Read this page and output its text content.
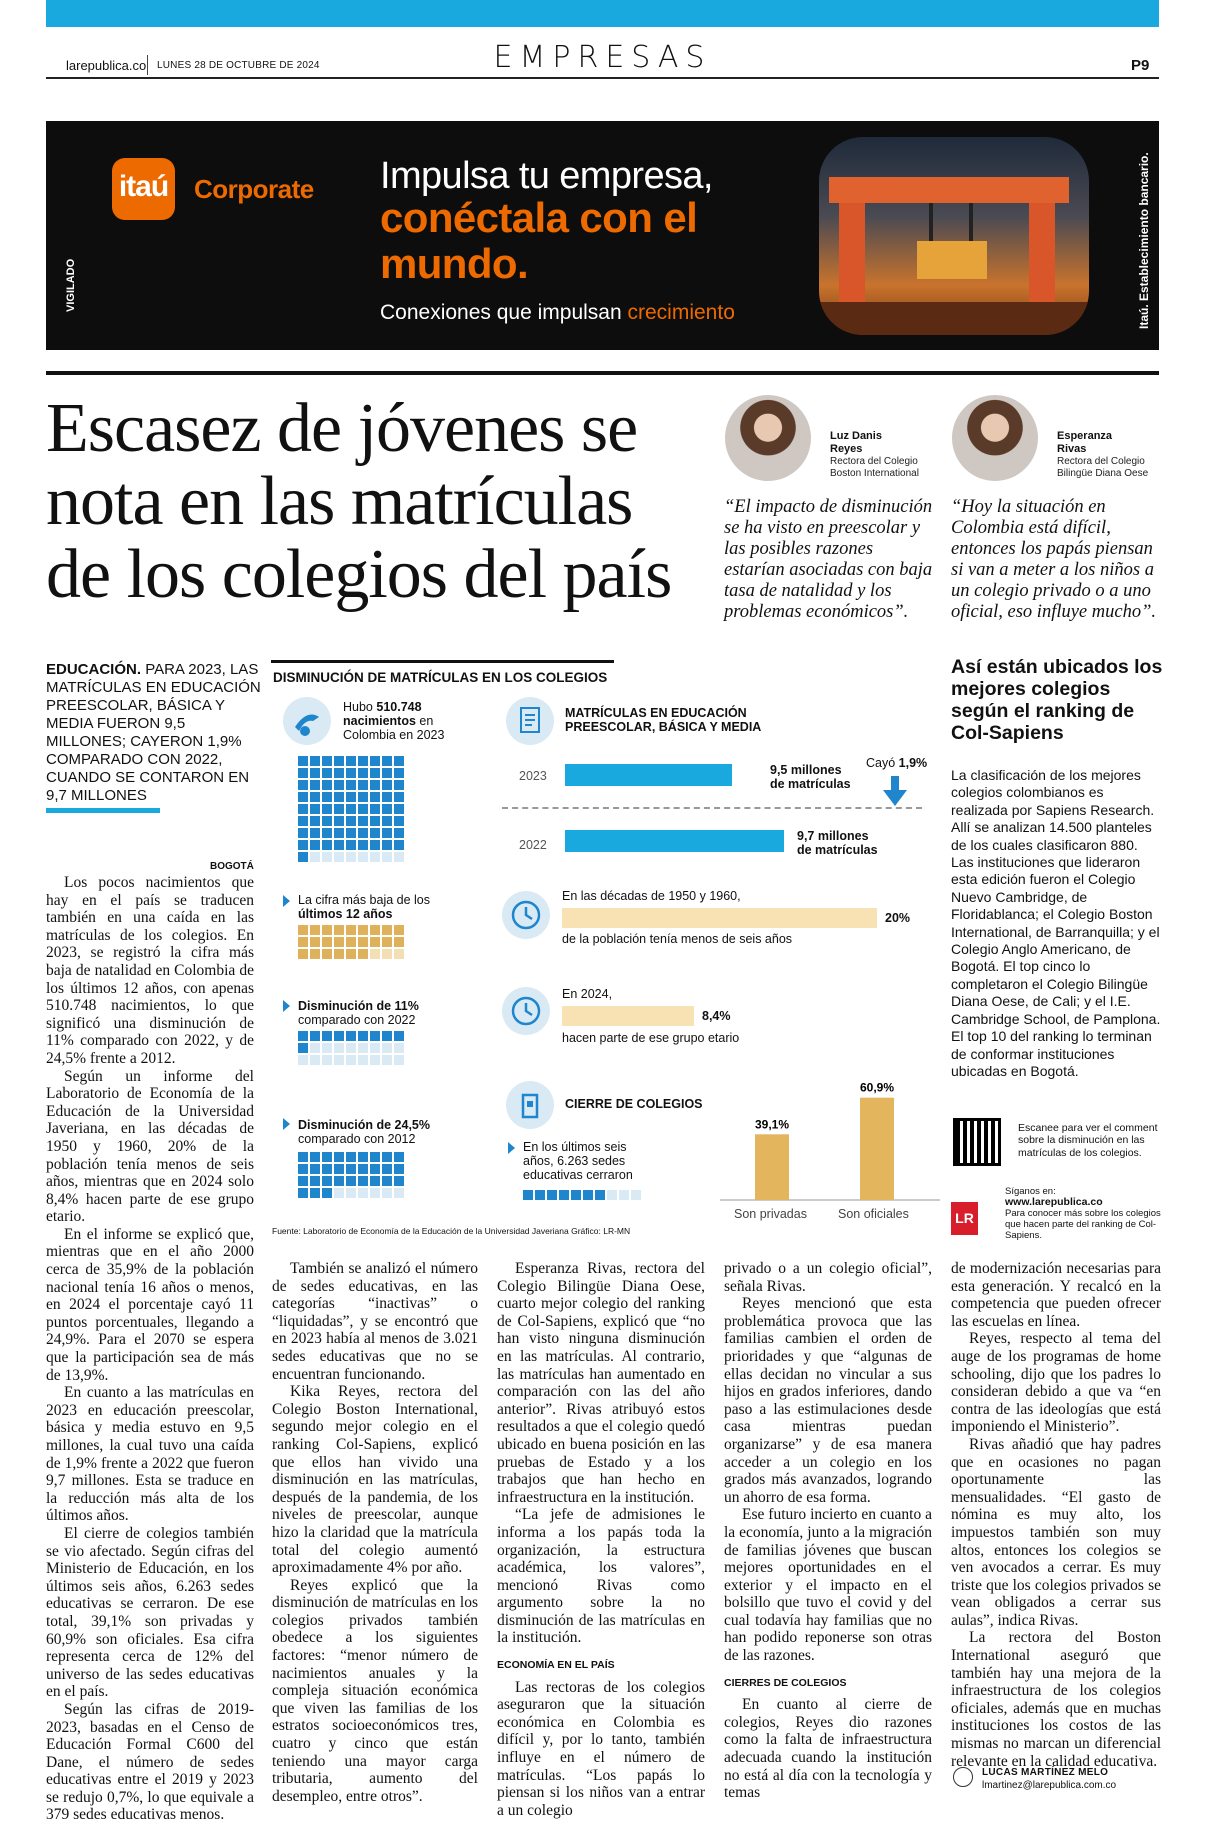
larepublica.co LUNES 28 DE OCTUBRE DE 2024	EMPRESAS	P9
VIGILADO
itaú Corporate Impulsa tu empresa,
conéctala con el mundo.
Conexiones que impulsan crecimiento	Itaú. Establecimiento bancario.
Escasez de jóvenes se nota en las matrículas de los colegios del país
Luz Danis
Reyes
Rectora del Colegio
Boston International
“El impacto de disminución se ha visto en preescolar y las posibles razones estarían asociadas con baja tasa de natalidad y los problemas económicos”.
Esperanza
Rivas
Rectora del Colegio
Bilingüe Diana Oese
“Hoy la situación en Colombia está difícil, entonces los papás piensan si van a meter a los niños a un colegio privado o a uno oficial, eso influye mucho”.
EDUCACIÓN. PARA 2023, LAS MATRÍCULAS EN EDUCACIÓN PREESCOLAR, BÁSICA Y MEDIA FUERON 9,5 MILLONES; CAYERON 1,9% COMPARADO CON 2022, CUANDO SE CONTARON EN 9,7 MILLONES
BOGOTÁ

Los pocos nacimientos que hay en el país se traducen también en una caída en las matrículas de los colegios. En 2023, se registró la cifra más baja de natalidad en Colombia de los últimos 12 años, con apenas 510.748 nacimientos, lo que significó una disminución de 11% comparado con 2022, y de 24,5% frente a 2012.

Según un informe del Laboratorio de Economía de la Educación de la Universidad Javeriana, en las décadas de 1950 y 1960, 20% de la población tenía menos de seis años, mientras que en 2024 solo 8,4% hacen parte de ese grupo etario.

En el informe se explicó que, mientras que en el año 2000 cerca de 35,9% de la población nacional tenía 16 años o menos, en 2024 el porcentaje cayó 11 puntos porcentuales, llegando a 24,9%. Para el 2070 se espera que la participación sea de más de 13,9%.

En cuanto a las matrículas en 2023 en educación preescolar, básica y media estuvo en 9,5 millones, la cual tuvo una caída de 1,9% frente a 2022 que fueron 9,7 millones. Esta se traduce en la reducción más alta de los últimos años.

El cierre de colegios también se vio afectado. Según cifras del Ministerio de Educación, en los últimos seis años, 6.263 sedes educativas se cerraron. De ese total, 39,1% son privadas y 60,9% son oficiales. Esa cifra representa cerca de 12% del universo de las sedes educativas en el país.

Según las cifras de 2019-2023, basadas en el Censo de Educación Formal C600 del Dane, el número de sedes educativas entre el 2019 y 2023 se redujo 0,7%, lo que equivale a 379 sedes educativas menos.

DISMINUCIÓN DE MATRÍCULAS EN LOS COLEGIOS
Hubo 510.748
nacimientos en Colombia en 2023
La cifra más baja de los últimos 12 años
Disminución de 11%
comparado con 2022
Disminución de 24,5%
comparado con 2012
MATRÍCULAS EN EDUCACIÓN
PREESCOLAR, BÁSICA Y MEDIA
2023	9,5 millones
de matrículas
Cayó 1,9%
2022
9,7 millones
de matrículas
En las décadas de 1950 y 1960,
20%
de la población tenía menos de seis años
En 2024,
8,4%
hacen parte de ese grupo etario
CIERRE DE COLEGIOS
En los últimos seis años, 6.263 sedes educativas cerraron
39,1%
60,9%
Son privadas Son oficiales
Fuente: Laboratorio de Economía de la Educación de la Universidad Javeriana Gráfico: LR-MN
Así están ubicados los mejores colegios según el ranking de Col-Sapiens
La clasificación de los mejores colegios colombianos es realizada por Sapiens Research. Allí se analizan 14.500 planteles de los cuales clasificaron 880. Las instituciones que lideraron esta edición fueron el Colegio Nuevo Cambridge, de Floridablanca; el Colegio Boston International, de Barranquilla; y el Colegio Anglo Americano, de Bogotá. El top cinco lo completaron el Colegio Bilingüe Diana Oese, de Cali; y el I.E. Cambridge School, de Pamplona. El top 10 del ranking lo terminan de conformar instituciones ubicadas en Bogotá.
Escanee para ver el comment sobre la disminución en las matrículas de los colegios.
LR
Síganos en:
www.larepublica.co
Para conocer más sobre los colegios que hacen parte del ranking de Col-Sapiens.

También se analizó el número de sedes educativas, en las categorías “inactivas” o “liquidadas”, y se encontró que en 2023 había al menos de 3.021 sedes educativas que no se encuentran funcionando.

Kika Reyes, rectora del Colegio Boston International, segundo mejor colegio en el ranking Col-Sapiens, explicó que ellos han vivido una disminución en las matrículas, después de la pandemia, de los niveles de preescolar, aunque hizo la claridad que la matrícula total del colegio aumentó aproximadamente 4% por año.

Reyes explicó que la disminución de matrículas en los colegios privados también obedece a los siguientes factores: “menor número de nacimientos anuales y la compleja situación económica que viven las familias de los estratos socioeconómicos tres, cuatro y cinco que están teniendo una mayor carga tributaria, aumento del desempleo, entre otros”.

Esperanza Rivas, rectora del Colegio Bilingüe Diana Oese, cuarto mejor colegio del ranking de Col-Sapiens, explicó que “no han visto ninguna disminución en las matrículas. Al contrario, las matrículas han aumentado en comparación con las del año anterior”. Rivas atribuyó estos resultados a que el colegio quedó ubicado en buena posición en las pruebas de Estado y a los trabajos que han hecho en infraestructura en la institución.

“La jefe de admisiones le informa a los papás toda la organización, la estructura académica, los valores”, mencionó Rivas como argumento sobre la no disminución de las matrículas en la institución.

ECONOMÍA EN EL PAÍS

Las rectoras de los colegios aseguraron que la situación económica en Colombia es difícil y, por lo tanto, también influye en el número de matrículas. “Los papás lo piensan si los niños van a entrar a un colegio

privado o a un colegio oficial”, señala Rivas.

Reyes mencionó que esta problemática provoca que las familias cambien el orden de prioridades y que “algunas de ellas decidan no vincular a sus hijos en grados inferiores, dando paso a las estimulaciones desde casa mientras puedan organizarse” y de esa manera acceder a un colegio en los grados más avanzados, logrando un ahorro de esa forma.

Ese futuro incierto en cuanto a la economía, junto a la migración de familias jóvenes que buscan mejores oportunidades en el exterior y el impacto en el bolsillo que tuvo el covid y del cual todavía hay familias que no han podido reponerse son otras de las razones.

CIERRES DE COLEGIOS

En cuanto al cierre de colegios, Reyes dio razones como la falta de infraestructura adecuada cuando la institución no está al día con la tecnología y temas

de modernización necesarias para esta generación. Y recalcó en la competencia que pueden ofrecer las escuelas en línea.

Reyes, respecto al tema del auge de los programas de home schooling, dijo que los padres lo consideran debido a que va “en contra de las ideologías que está imponiendo el Ministerio”.

Rivas añadió que hay padres que en ocasiones no pagan oportunamente las mensualidades. “El gasto de nómina es muy alto, los impuestos también son muy altos, entonces los colegios se ven avocados a cerrar. Es muy triste que los colegios privados se vean obligados a cerrar sus aulas”, indica Rivas.

La rectora del Boston International aseguró que también hay una mejora de la infraestructura de los colegios oficiales, además que en muchas instituciones los costos de las mismas no marcan un diferencial relevante en la calidad educativa.

LUCAS MARTÍNEZ MELO
lmartinez@larepublica.com.co
